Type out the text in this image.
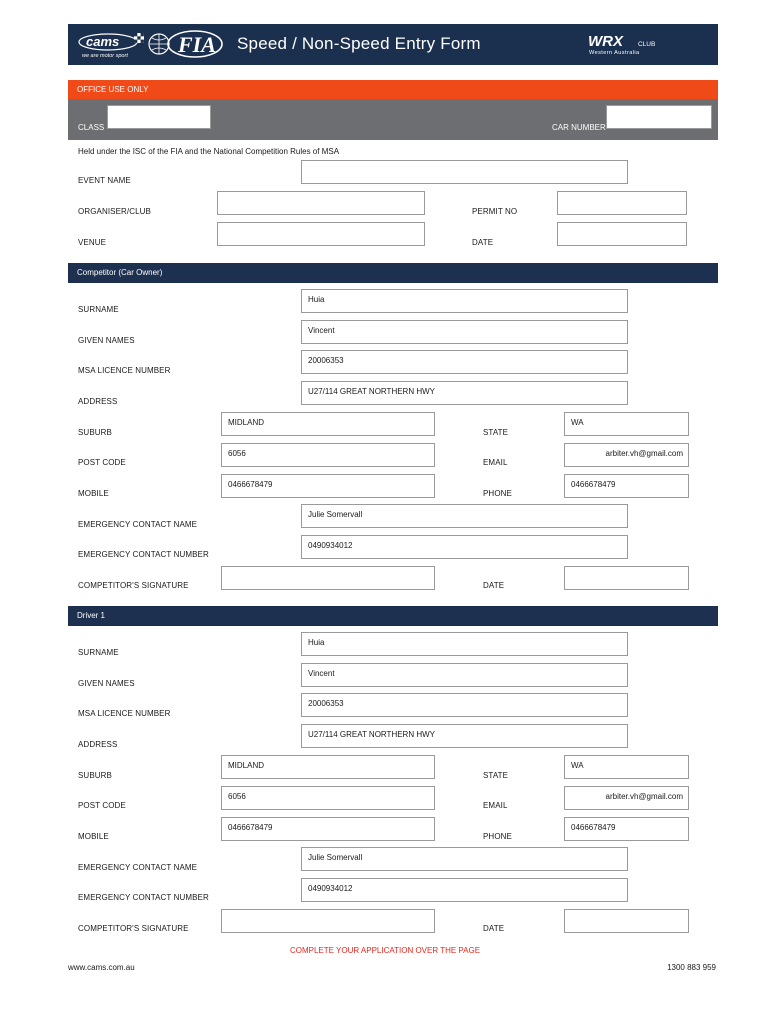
cams
we are motor sport FIA Speed / Non-Speed Entry Form	WRX CLUB
Western Australia
OFFICE USE ONLY
CLASS	CAR NUMBER
Held under the ISC of the FIA and the National Competition Rules of MSA
EVENT NAME
ORGANISER/CLUB	PERMIT NO
VENUE	DATE
Competitor (Car Owner)
SURNAME
Huia
GIVEN NAMES
Vincent
MSA LICENCE NUMBER
20006353
ADDRESS
U27/114 GREAT NORTHERN HWY
SUBURB
MIDLAND
STATE
WA
POST CODE
6056
EMAIL
arbiter.vh@gmail.com
MOBILE
0466678479
PHONE
0466678479
EMERGENCY CONTACT NAME
Julie Somervall
EMERGENCY CONTACT NUMBER
0490934012
COMPETITOR'S SIGNATURE	DATE
Driver 1
SURNAME
Huia
GIVEN NAMES
Vincent
MSA LICENCE NUMBER
20006353
ADDRESS
U27/114 GREAT NORTHERN HWY
SUBURB
MIDLAND
STATE
WA
POST CODE
6056
EMAIL
arbiter.vh@gmail.com
MOBILE
0466678479
PHONE
0466678479
EMERGENCY CONTACT NAME
Julie Somervall
EMERGENCY CONTACT NUMBER
0490934012
COMPETITOR'S SIGNATURE	DATE
COMPLETE YOUR APPLICATION OVER THE PAGE
www.cams.com.au	1300 883 959
